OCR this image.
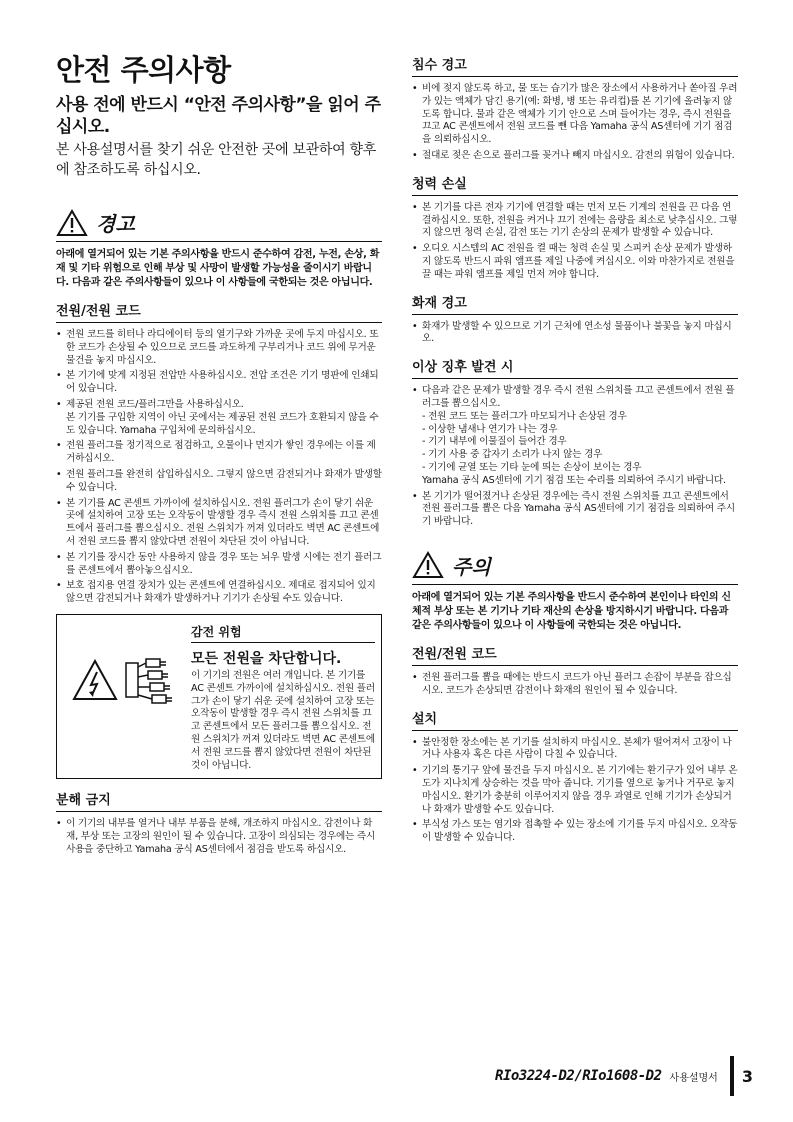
안전 주의사항
사용 전에 반드시 “안전 주의사항”을 읽어 주십시오.
본 사용설명서를 찾기 쉬운 안전한 곳에 보관하여 향후에 참조하도록 하십시오.
경고
아래에 열거되어 있는 기본 주의사항을 반드시 준수하여 감전, 누전, 손상, 화재 및 기타 위험으로 인해 부상 및 사망이 발생할 가능성을 줄이시기 바랍니다. 다음과 같은 주의사항들이 있으나 이 사항들에 국한되는 것은 아닙니다.
전원/전원 코드
• 전원 코드를 히터나 라디에이터 등의 열기구와 가까운 곳에 두지 마십시오. 또한 코드가 손상될 수 있으므로 코드를 과도하게 구부리거나 코드 위에 무거운 물건을 놓지 마십시오.
• 본 기기에 맞게 지정된 전압만 사용하십시오. 전압 조건은 기기 명판에 인쇄되어 있습니다.
• 제공된 전원 코드/플러그만을 사용하십시오.
본 기기를 구입한 지역이 아닌 곳에서는 제공된 전원 코드가 호환되지 않을 수도 있습니다. Yamaha 구입처에 문의하십시오.
• 전원 플러그를 정기적으로 점검하고, 오물이나 먼지가 쌓인 경우에는 이를 제거하십시오.
• 전원 플러그를 완전히 삽입하십시오. 그렇지 않으면 감전되거나 화재가 발생할 수 있습니다.
• 본 기기를 AC 콘센트 가까이에 설치하십시오. 전원 플러그가 손이 닿기 쉬운 곳에 설치하여 고장 또는 오작동이 발생할 경우 즉시 전원 스위치를 끄고 콘센트에서 플러그를 뽑으십시오. 전원 스위치가 꺼져 있더라도 벽면 AC 콘센트에서 전원 코드를 뽑지 않았다면 전원이 차단된 것이 아닙니다.
• 본 기기를 장시간 동안 사용하지 않을 경우 또는 뇌우 발생 시에는 전기 플러그를 콘센트에서 뽑아놓으십시오.
• 보호 접지용 연결 장치가 있는 콘센트에 연결하십시오. 제대로 접지되어 있지 않으면 감전되거나 화재가 발생하거나 기기가 손상될 수도 있습니다.
감전 위험
모든 전원을 차단합니다.
이 기기의 전원은 여러 개입니다. 본 기기를 AC 콘센트 가까이에 설치하십시오. 전원 플러그가 손이 닿기 쉬운 곳에 설치하여 고장 또는 오작동이 발생할 경우 즉시 전원 스위치를 끄고 콘센트에서 모든 플러그를 뽑으십시오. 전원 스위치가 꺼져 있더라도 벽면 AC 콘센트에서 전원 코드를 뽑지 않았다면 전원이 차단된 것이 아닙니다.
분해 금지
• 이 기기의 내부를 열거나 내부 부품을 분해, 개조하지 마십시오. 감전이나 화재, 부상 또는 고장의 원인이 될 수 있습니다. 고장이 의심되는 경우에는 즉시 사용을 중단하고 Yamaha 공식 AS센터에서 점검을 받도록 하십시오.
침수 경고
• 비에 젖지 않도록 하고, 물 또는 습기가 많은 장소에서 사용하거나 쏟아질 우려가 있는 액체가 담긴 용기(예: 화병, 병 또는 유리컵)를 본 기기에 올려놓지 않도록 합니다. 물과 같은 액체가 기기 안으로 스며 들어가는 경우, 즉시 전원을 끄고 AC 콘센트에서 전원 코드를 뺀 다음 Yamaha 공식 AS센터에 기기 점검을 의뢰하십시오.
• 절대로 젖은 손으로 플러그를 꽂거나 빼지 마십시오. 감전의 위험이 있습니다.
청력 손실
• 본 기기를 다른 전자 기기에 연결할 때는 먼저 모든 기계의 전원을 끈 다음 연결하십시오. 또한, 전원을 켜거나 끄기 전에는 음량을 최소로 낮추십시오. 그렇지 않으면 청력 손실, 감전 또는 기기 손상의 문제가 발생할 수 있습니다.
• 오디오 시스템의 AC 전원을 켤 때는 청력 손실 및 스피커 손상 문제가 발생하지 않도록 반드시 파워 앰프를 제일 나중에 켜십시오. 이와 마찬가지로 전원을 끌 때는 파워 앰프를 제일 먼저 꺼야 합니다.
화재 경고
• 화재가 발생할 수 있으므로 기기 근처에 연소성 물품이나 불꽃을 놓지 마십시오.
이상 징후 발견 시
• 다음과 같은 문제가 발생할 경우 즉시 전원 스위치를 끄고 콘센트에서 전원 플러그를 뽑으십시오.
- 전원 코드 또는 플러그가 마모되거나 손상된 경우
- 이상한 냄새나 연기가 나는 경우
- 기기 내부에 이물질이 들어간 경우
- 기기 사용 중 갑자기 소리가 나지 않는 경우
- 기기에 균열 또는 기타 눈에 띄는 손상이 보이는 경우
Yamaha 공식 AS센터에 기기 점검 또는 수리를 의뢰하여 주시기 바랍니다.
• 본 기기가 떨어졌거나 손상된 경우에는 즉시 전원 스위치를 끄고 콘센트에서 전원 플러그를 뽑은 다음 Yamaha 공식 AS센터에 기기 점검을 의뢰하여 주시기 바랍니다.
주의
아래에 열거되어 있는 기본 주의사항을 반드시 준수하여 본인이나 타인의 신체적 부상 또는 본 기기나 기타 재산의 손상을 방지하시기 바랍니다. 다음과 같은 주의사항들이 있으나 이 사항들에 국한되는 것은 아닙니다.
전원/전원 코드
• 전원 플러그를 뽑을 때에는 반드시 코드가 아닌 플러그 손잡이 부분을 잡으십시오. 코드가 손상되면 감전이나 화재의 원인이 될 수 있습니다.
설치
• 불안정한 장소에는 본 기기를 설치하지 마십시오. 본체가 떨어져서 고장이 나거나 사용자 혹은 다른 사람이 다칠 수 있습니다.
• 기기의 통기구 앞에 물건을 두지 마십시오. 본 기기에는 환기구가 있어 내부 온도가 지나치게 상승하는 것을 막아 줍니다. 기기를 옆으로 놓거나 거꾸로 놓지 마십시오. 환기가 충분히 이루어지지 않을 경우 과열로 인해 기기가 손상되거나 화재가 발생할 수도 있습니다.
• 부식성 가스 또는 염기와 접촉할 수 있는 장소에 기기를 두지 마십시오. 오작동이 발생할 수 있습니다.
RIo3224-D2/RIo1608-D2 사용설명서 3
